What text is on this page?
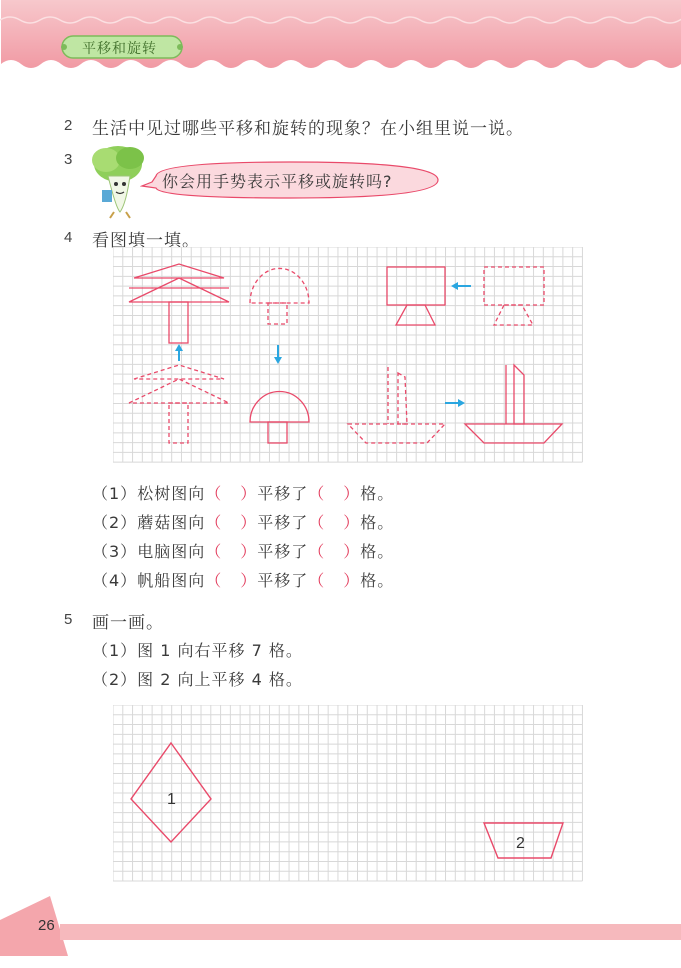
平移和旋转
2 生活中见过哪些平移和旋转的现象？在小组里说一说。
3
你会用手势表示平移或旋转吗?
4 看图填一填。
（1）松树图向（ ）平移了（ ）格。
（2）蘑菇图向（ ）平移了（ ）格。
（3）电脑图向（ ）平移了（ ）格。
（4）帆船图向（ ）平移了（ ）格。
5 画一画。
（1）图 1 向右平移 7 格。
（2）图 2 向上平移 4 格。
1
2
26
